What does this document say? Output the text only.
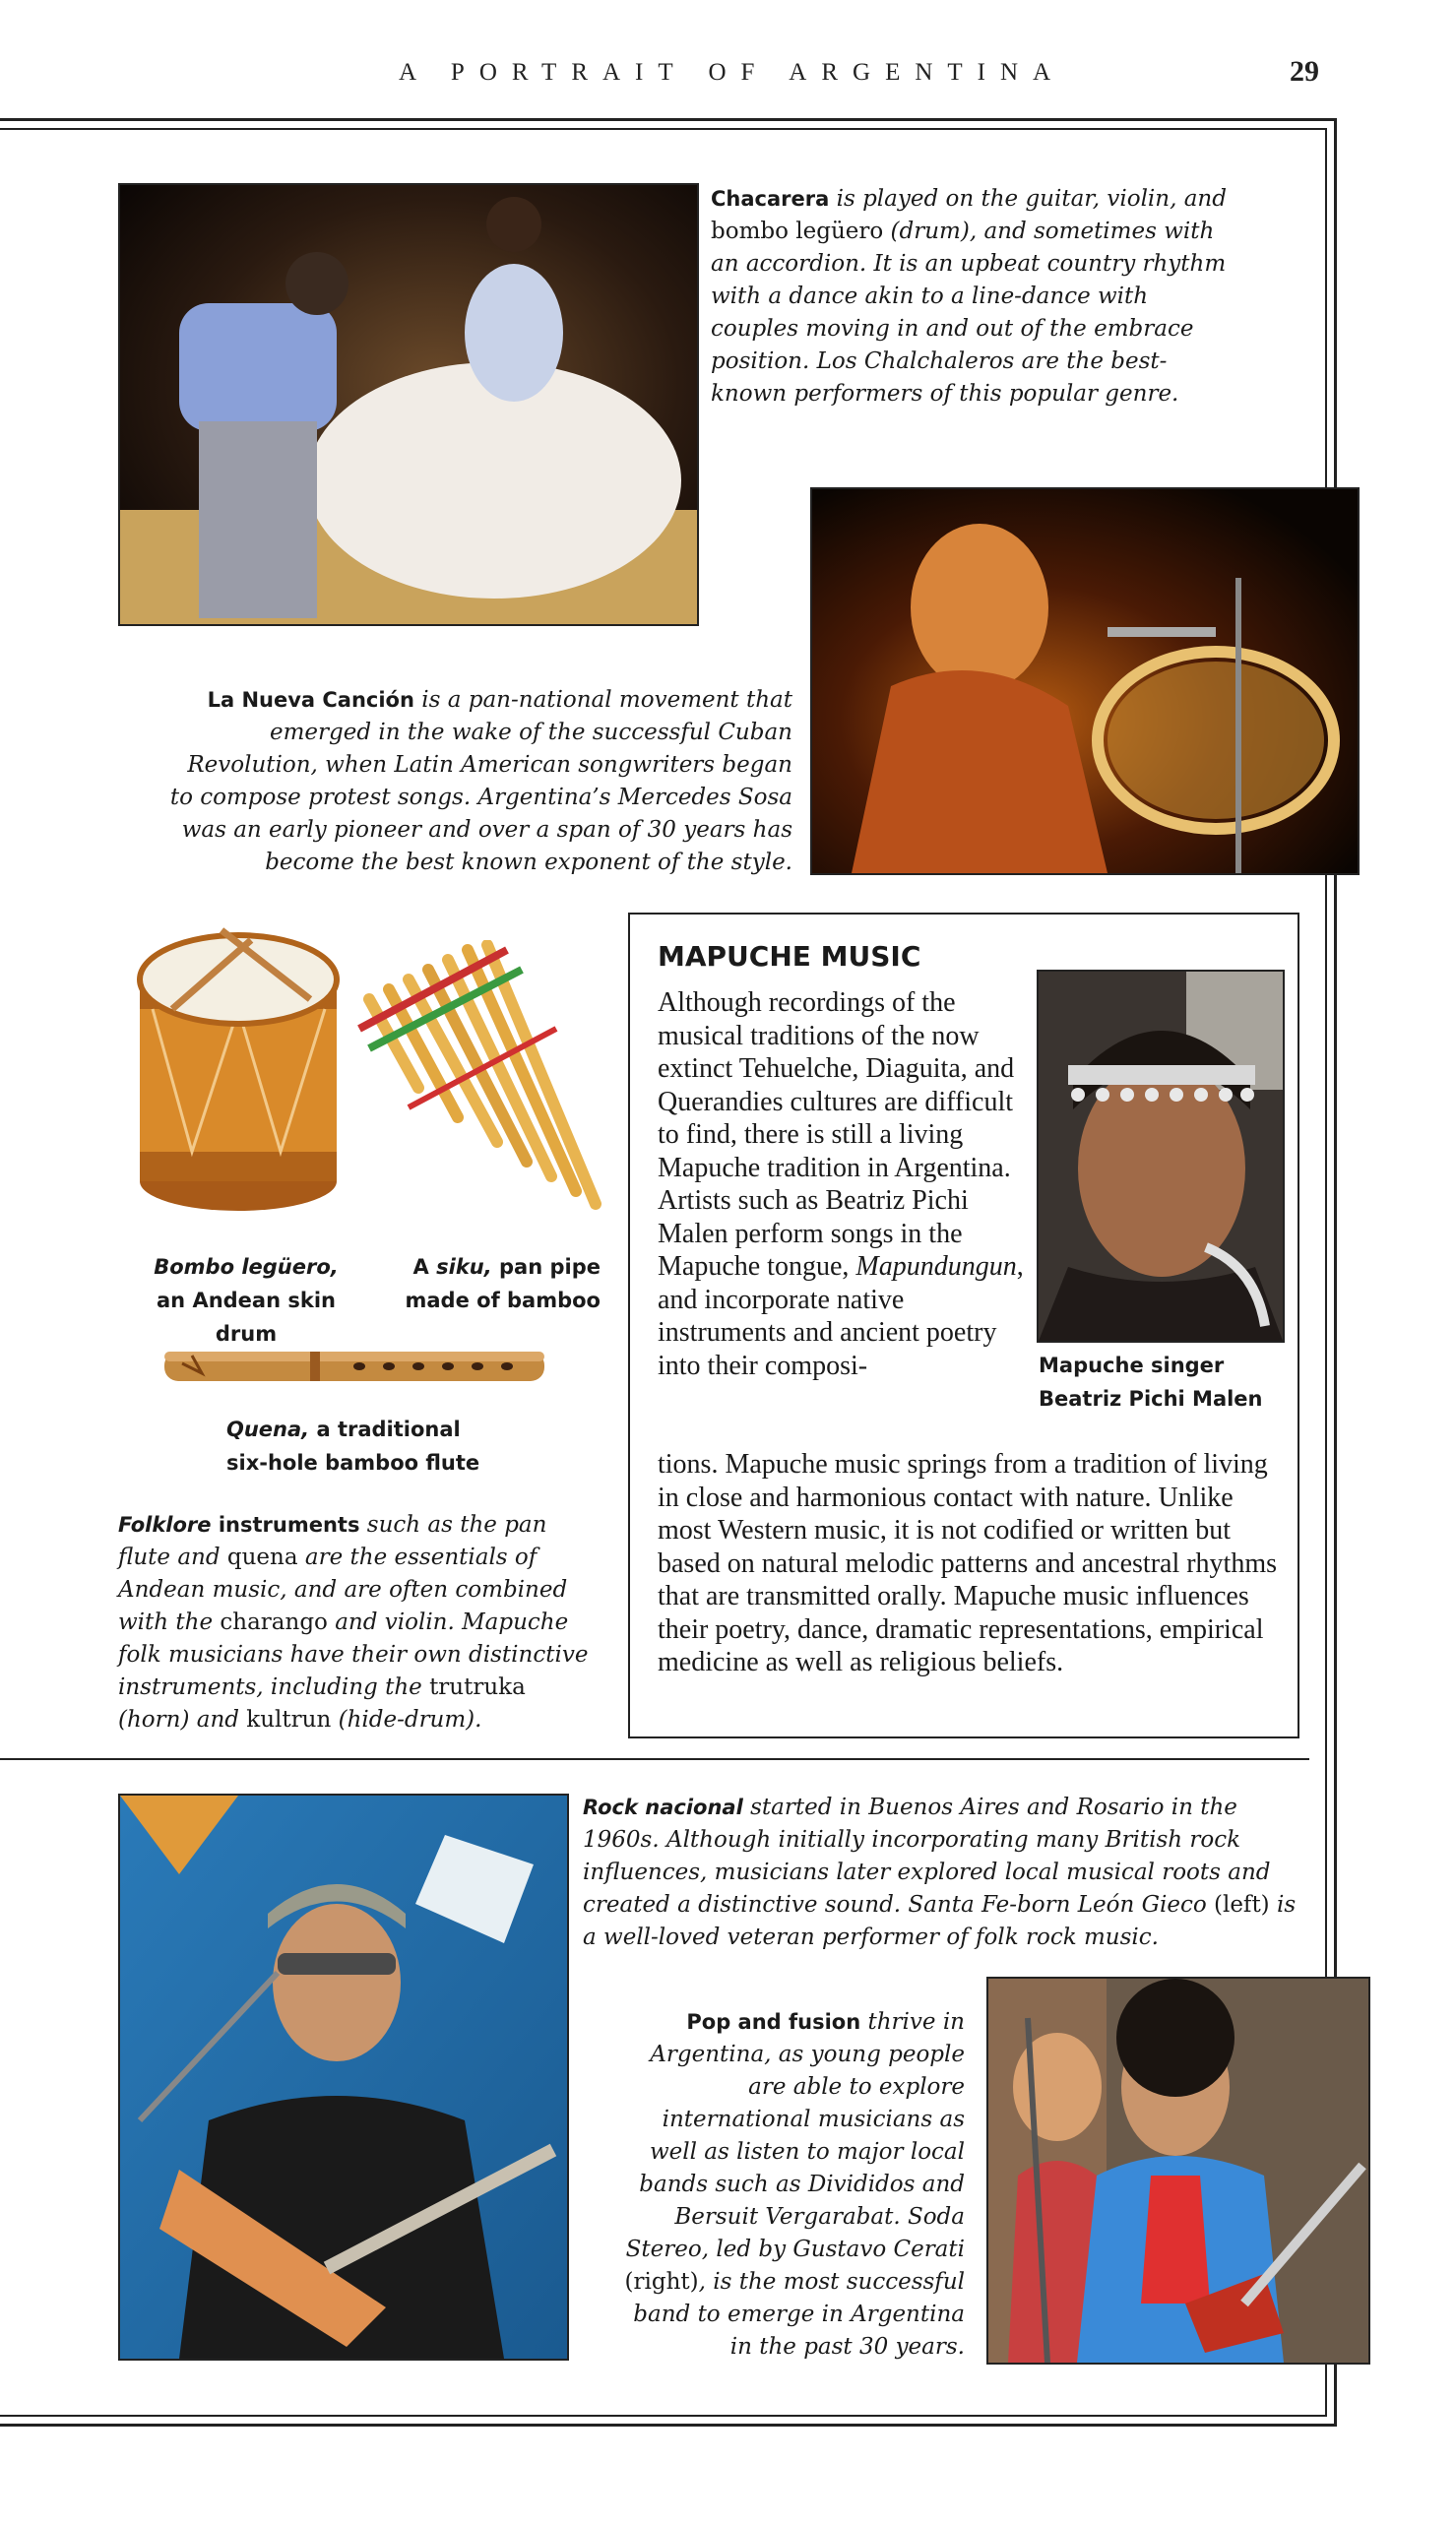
A PORTRAIT OF ARGENTINA	29
Chacarera is played on the guitar, violin, and bombo legüero (drum), and sometimes with an accordion. It is an upbeat country rhythm with a dance akin to a line-dance with couples moving in and out of the embrace position. Los Chalchaleros are the best-known performers of this popular genre.
La Nueva Canción is a pan-national movement that emerged in the wake of the successful Cuban Revolution, when Latin American songwriters began to compose protest songs. Argentina’s Mercedes Sosa was an early pioneer and over a span of 30 years has become the best known exponent of the style.
Bombo legüero, an Andean skin drum
A siku, pan pipe made of bamboo
Quena, a traditional six-hole bamboo flute
Folklore instruments such as the pan flute and quena are the essentials of Andean music, and are often combined with the charango and violin. Mapuche folk musicians have their own distinctive instruments, including the trutruka (horn) and kultrun (hide-drum).
MAPUCHE MUSIC
Mapuche singer Beatriz Pichi Malen
Although recordings of the musical traditions of the now extinct Tehuelche, Diaguita, and Querandies cultures are difficult to find, there is still a living Mapuche tradition in Argentina. Artists such as Beatriz Pichi Malen perform songs in the Mapuche tongue, Mapundungun, and incorporate native instruments and ancient poetry into their composi-
tions. Mapuche music springs from a tradition of living in close and harmonious contact with nature. Unlike most Western music, it is not codified or written but based on natural melodic patterns and ancestral rhythms that are transmitted orally. Mapuche music influences their poetry, dance, dramatic representations, empirical medicine as well as religious beliefs.
Rock nacional started in Buenos Aires and Rosario in the 1960s. Although initially incorporating many British rock influences, musicians later explored local musical roots and created a distinctive sound. Santa Fe-born León Gieco (left) is a well-loved veteran performer of folk rock music.
Pop and fusion thrive in Argentina, as young people are able to explore international musicians as well as listen to major local bands such as Divididos and Bersuit Vergarabat. Soda Stereo, led by Gustavo Cerati (right), is the most successful band to emerge in Argentina in the past 30 years.
